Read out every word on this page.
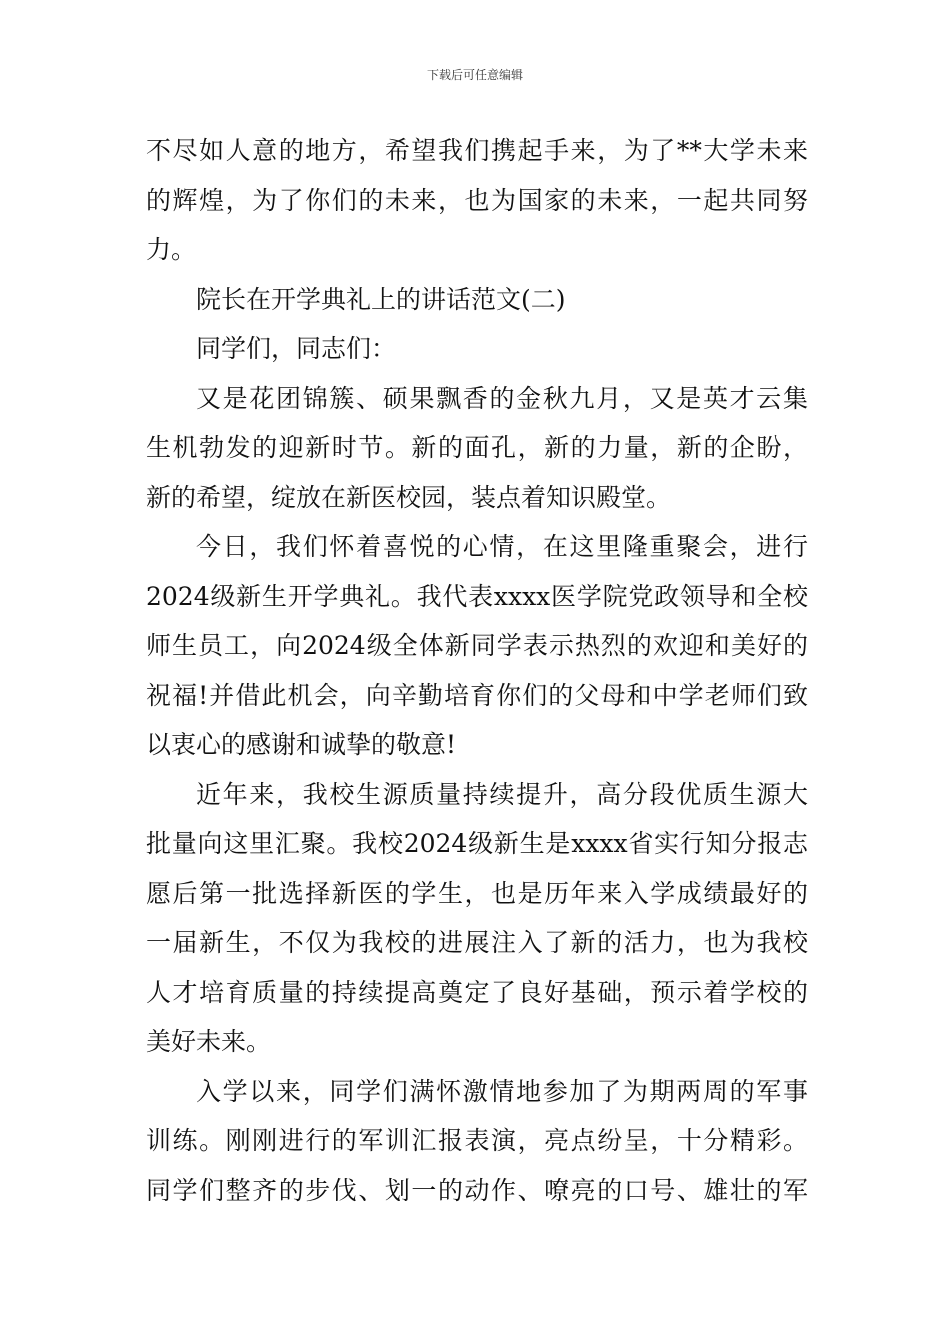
下载后可任意编辑
不尽如人意的地方，希望我们携起手来，为了**大学未来
的辉煌，为了你们的未来，也为国家的未来，一起共同努
力。
院长在开学典礼上的讲话范文(二)
同学们，同志们：
又是花团锦簇、硕果飘香的金秋九月，又是英才云集
生机勃发的迎新时节。新的面孔，新的力量，新的企盼，
新的希望，绽放在新医校园，装点着知识殿堂。
今日，我们怀着喜悦的心情，在这里隆重聚会，进行
2024级新生开学典礼。我代表xxxx医学院党政领导和全校
师生员工，向2024级全体新同学表示热烈的欢迎和美好的
祝福!并借此机会，向辛勤培育你们的父母和中学老师们致
以衷心的感谢和诚挚的敬意!
近年来，我校生源质量持续提升，高分段优质生源大
批量向这里汇聚。我校2024级新生是xxxx省实行知分报志
愿后第一批选择新医的学生，也是历年来入学成绩最好的
一届新生，不仅为我校的进展注入了新的活力，也为我校
人才培育质量的持续提高奠定了良好基础，预示着学校的
美好未来。
入学以来，同学们满怀激情地参加了为期两周的军事
训练。刚刚进行的军训汇报表演，亮点纷呈，十分精彩。
同学们整齐的步伐、划一的动作、嘹亮的口号、雄壮的军
